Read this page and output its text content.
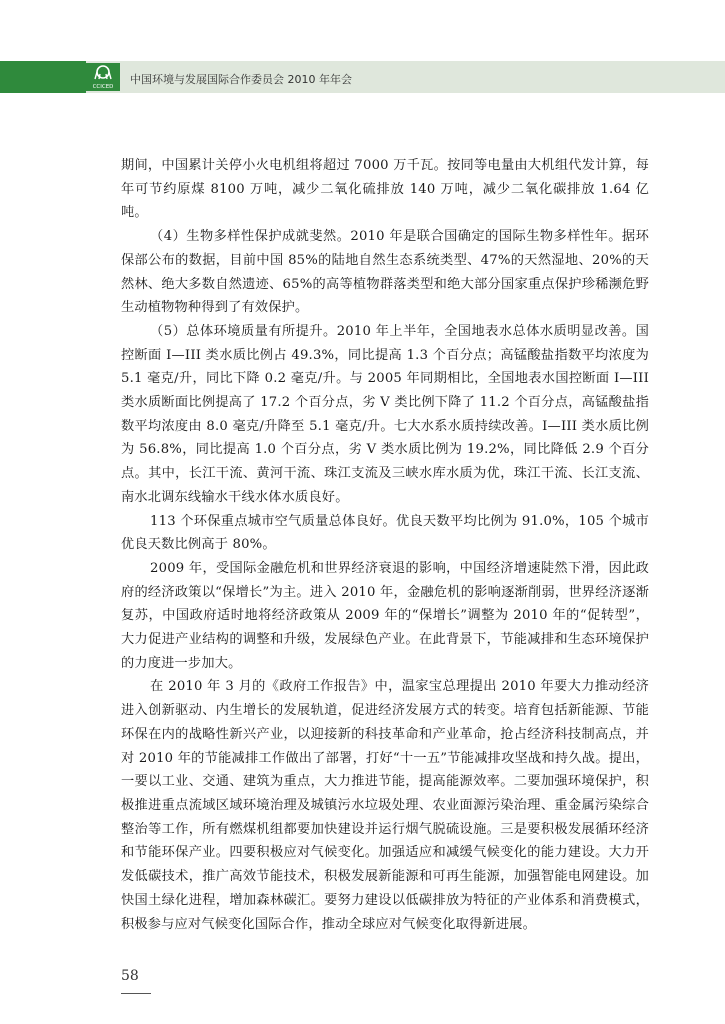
CCICED
中国环境与发展国际合作委员会 2010 年年会

期间，中国累计关停小火电机组将超过 7000 万千瓦。按同等电量由大机组代发计算，每年可节约原煤 8100 万吨，减少二氧化硫排放 140 万吨，减少二氧化碳排放 1.64 亿吨。

（4）生物多样性保护成就斐然。2010 年是联合国确定的国际生物多样性年。据环保部公布的数据，目前中国 85%的陆地自然生态系统类型、47%的天然湿地、20%的天然林、绝大多数自然遗迹、65%的高等植物群落类型和绝大部分国家重点保护珍稀濒危野生动植物物种得到了有效保护。

（5）总体环境质量有所提升。2010 年上半年，全国地表水总体水质明显改善。国控断面 I—III 类水质比例占 49.3%，同比提高 1.3 个百分点；高锰酸盐指数平均浓度为 5.1 毫克/升，同比下降 0.2 毫克/升。与 2005 年同期相比，全国地表水国控断面 I—III 类水质断面比例提高了 17.2 个百分点，劣 V 类比例下降了 11.2 个百分点，高锰酸盐指数平均浓度由 8.0 毫克/升降至 5.1 毫克/升。七大水系水质持续改善。I—III 类水质比例为 56.8%，同比提高 1.0 个百分点，劣 V 类水质比例为 19.2%，同比降低 2.9 个百分点。其中，长江干流、黄河干流、珠江支流及三峡水库水质为优，珠江干流、长江支流、南水北调东线输水干线水体水质良好。

113 个环保重点城市空气质量总体良好。优良天数平均比例为 91.0%，105 个城市优良天数比例高于 80%。

2009 年，受国际金融危机和世界经济衰退的影响，中国经济增速陡然下滑，因此政府的经济政策以“保增长”为主。进入 2010 年，金融危机的影响逐渐削弱，世界经济逐渐复苏，中国政府适时地将经济政策从 2009 年的“保增长”调整为 2010 年的“促转型”，大力促进产业结构的调整和升级，发展绿色产业。在此背景下，节能减排和生态环境保护的力度进一步加大。

在 2010 年 3 月的《政府工作报告》中，温家宝总理提出 2010 年要大力推动经济进入创新驱动、内生增长的发展轨道，促进经济发展方式的转变。培育包括新能源、节能环保在内的战略性新兴产业，以迎接新的科技革命和产业革命，抢占经济科技制高点，并对 2010 年的节能减排工作做出了部署，打好“十一五”节能减排攻坚战和持久战。提出，一要以工业、交通、建筑为重点，大力推进节能，提高能源效率。二要加强环境保护，积极推进重点流域区域环境治理及城镇污水垃圾处理、农业面源污染治理、重金属污染综合整治等工作，所有燃煤机组都要加快建设并运行烟气脱硫设施。三是要积极发展循环经济和节能环保产业。四要积极应对气候变化。加强适应和减缓气候变化的能力建设。大力开发低碳技术，推广高效节能技术，积极发展新能源和可再生能源，加强智能电网建设。加快国土绿化进程，增加森林碳汇。要努力建设以低碳排放为特征的产业体系和消费模式，积极参与应对气候变化国际合作，推动全球应对气候变化取得新进展。

58
